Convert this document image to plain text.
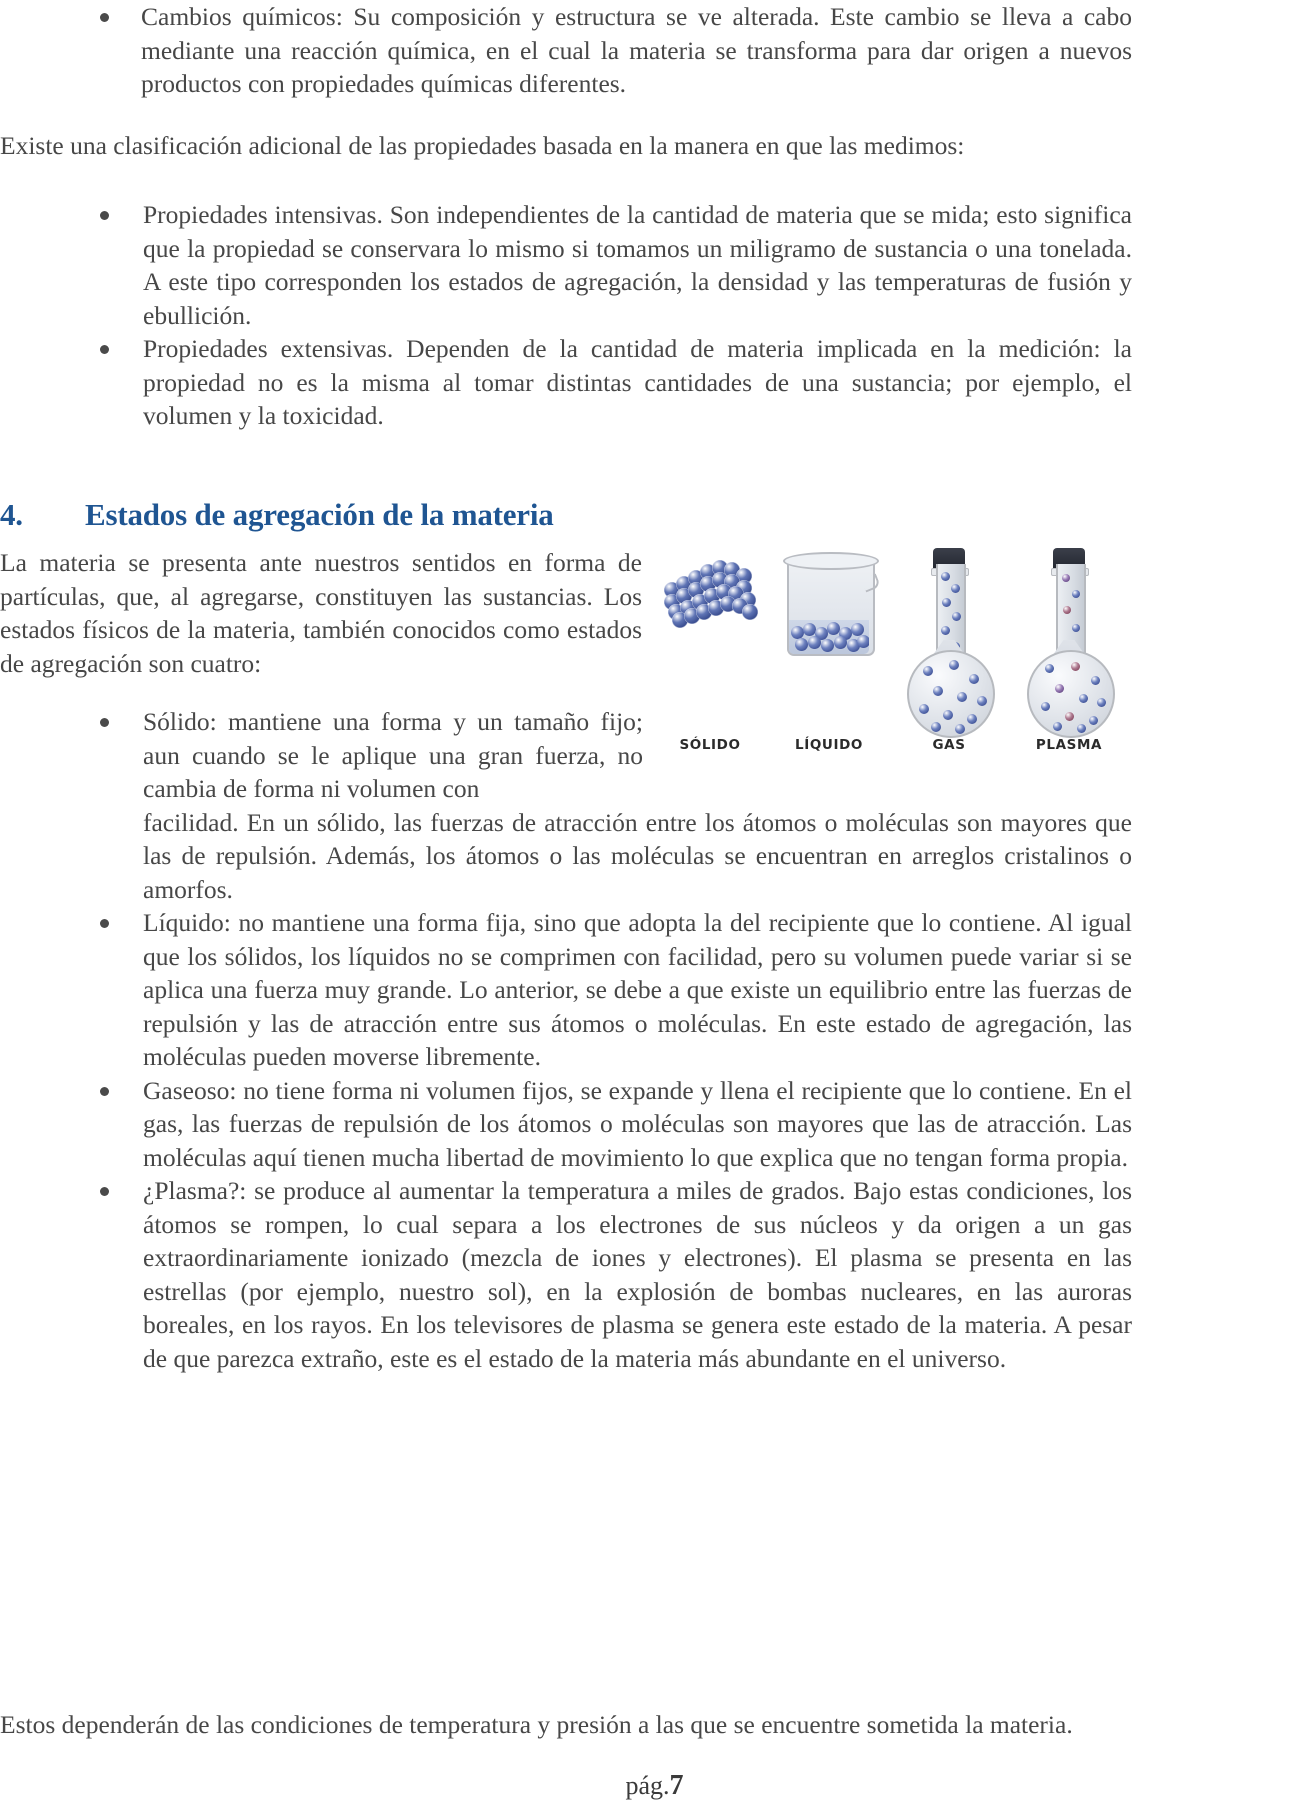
Cambios químicos: Su composición y estructura se ve alterada. Este cambio se lleva a cabo mediante una reacción química, en el cual la materia se transforma para dar origen a nuevos productos con propiedades químicas diferentes.

Existe una clasificación adicional de las propiedades basada en la manera en que las medimos:

Propiedades intensivas. Son independientes de la cantidad de materia que se mida; esto significa que la propiedad se conservara lo mismo si tomamos un miligramo de sustancia o una tonelada. A este tipo corresponden los estados de agregación, la densidad y las temperaturas de fusión y ebullición.
Propiedades extensivas. Dependen de la cantidad de materia implicada en la medición: la propiedad no es la misma al tomar distintas cantidades de una sustancia; por ejemplo, el volumen y la toxicidad.
4.	Estados de agregación de la materia

La materia se presenta ante nuestros sentidos en forma de partículas, que, al agregarse, constituyen las sustancias. Los estados físicos de la materia, también conocidos como estados de agregación son cuatro:

SÓLIDO	LÍQUIDO	GAS	PLASMA
Sólido: mantiene una forma y un tamaño fijo; aun cuando se le aplique una gran fuerza, no cambia de forma ni volumen con
facilidad. En un sólido, las fuerzas de atracción entre los átomos o moléculas son mayores que las de repulsión. Además, los átomos o las moléculas se encuentran en arreglos cristalinos o amorfos.
Líquido: no mantiene una forma fija, sino que adopta la del recipiente que lo contiene. Al igual que los sólidos, los líquidos no se comprimen con facilidad, pero su volumen puede variar si se aplica una fuerza muy grande. Lo anterior, se debe a que existe un equilibrio entre las fuerzas de repulsión y las de atracción entre sus átomos o moléculas. En este estado de agregación, las moléculas pueden moverse libremente.
Gaseoso: no tiene forma ni volumen fijos, se expande y llena el recipiente que lo contiene. En el gas, las fuerzas de repulsión de los átomos o moléculas son mayores que las de atracción. Las moléculas aquí tienen mucha libertad de movimiento lo que explica que no tengan forma propia.
¿Plasma?: se produce al aumentar la temperatura a miles de grados. Bajo estas condiciones, los átomos se rompen, lo cual separa a los electrones de sus núcleos y da origen a un gas extraordinariamente ionizado (mezcla de iones y electrones). El plasma se presenta en las estrellas (por ejemplo, nuestro sol), en la explosión de bombas nucleares, en las auroras boreales, en los rayos. En los televisores de plasma se genera este estado de la materia. A pesar de que parezca extraño, este es el estado de la materia más abundante en el universo.

Estos dependerán de las condiciones de temperatura y presión a las que se encuentre sometida la materia.

pág.7
